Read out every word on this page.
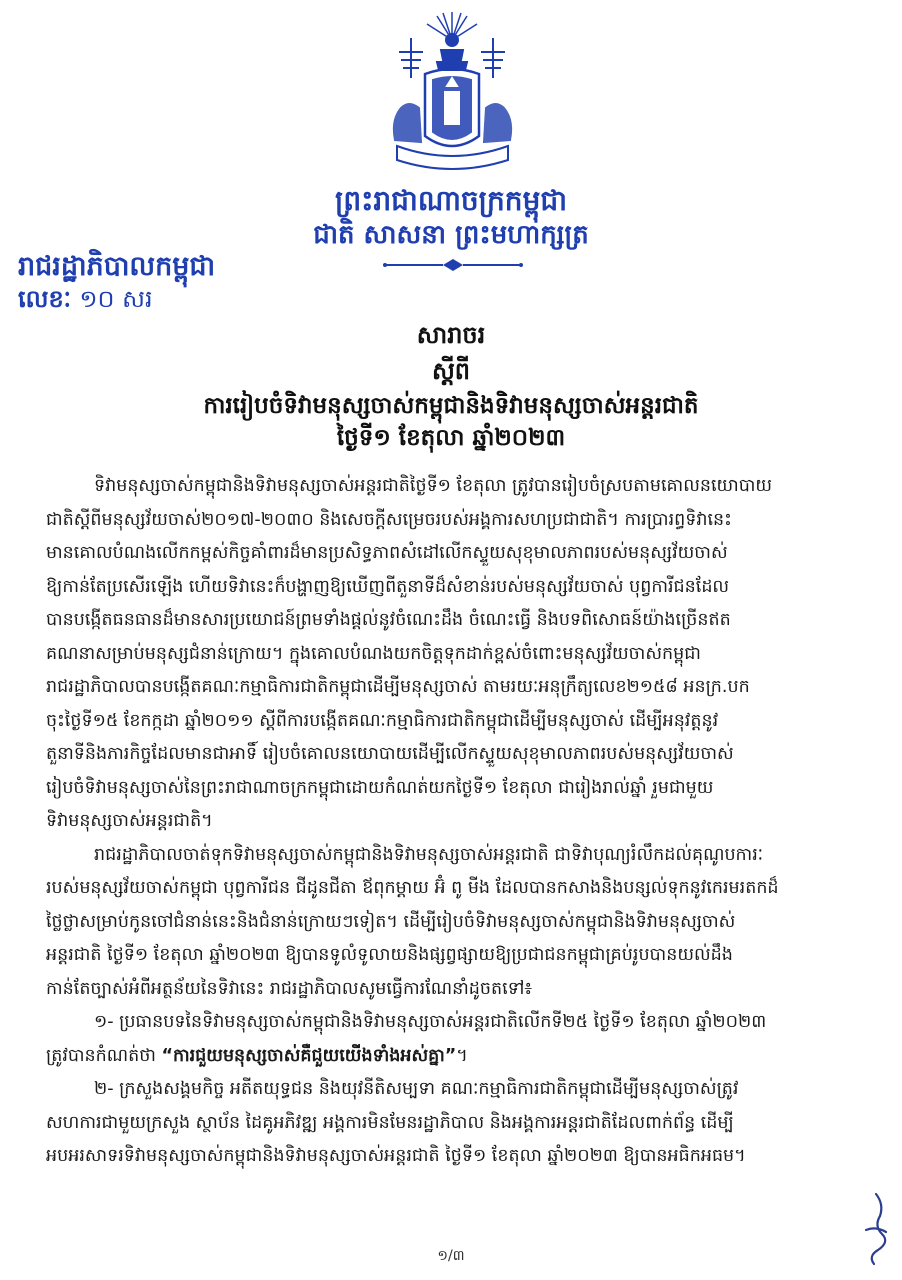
ព្រះរាជាណាចក្រកម្ពុជា
ជាតិ សាសនា ព្រះមហាក្សត្រ
រាជរដ្ឋាភិបាលកម្ពុជា
លេខៈ ១០ សរ
សារាចរ
ស្តីពី
ការរៀបចំទិវាមនុស្សចាស់កម្ពុជានិងទិវាមនុស្សចាស់អន្តរជាតិ
ថ្ងៃទី១ ខែតុលា ឆ្នាំ២០២៣
ទិវាមនុស្សចាស់កម្ពុជានិងទិវាមនុស្សចាស់អន្តរជាតិថ្ងៃទី១ ខែតុលា ត្រូវបានរៀបចំស្របតាមគោលនយោបាយ
ជាតិស្តីពីមនុស្សវ័យចាស់២០១៧-២០៣០ និងសេចក្តីសម្រេចរបស់អង្គការសហប្រជាជាតិ។ ការប្រារព្ធទិវានេះ
មានគោលបំណងលើកកម្ពស់កិច្ចគាំពារដ៏មានប្រសិទ្ធភាពសំដៅលើកស្ទួយសុខុមាលភាពរបស់មនុស្សវ័យចាស់
ឱ្យកាន់តែប្រសើរឡើង ហើយទិវានេះក៏បង្ហាញឱ្យឃើញពីតួនាទីដ៏សំខាន់របស់មនុស្សវ័យចាស់ បុព្វការីជនដែល
បានបង្កើតធនធានដ៏មានសារប្រយោជន៍ព្រមទាំងផ្តល់នូវចំណេះដឹង ចំណេះធ្វើ និងបទពិសោធន៍យ៉ាងច្រើនឥត
គណនាសម្រាប់មនុស្សជំនាន់ក្រោយ។ ក្នុងគោលបំណងយកចិត្តទុកដាក់ខ្ពស់ចំពោះមនុស្សវ័យចាស់កម្ពុជា
រាជរដ្ឋាភិបាលបានបង្កើតគណៈកម្មាធិការជាតិកម្ពុជាដើម្បីមនុស្សចាស់ តាមរយៈអនុក្រឹត្យលេខ២១៥៨ អនក្រ.បក
ចុះថ្ងៃទី១៥ ខែកក្កដា ឆ្នាំ២០១១ ស្តីពីការបង្កើតគណៈកម្មាធិការជាតិកម្ពុជាដើម្បីមនុស្សចាស់ ដើម្បីអនុវត្តនូវ
តួនាទីនិងភារកិច្ចដែលមានជាអាទិ៍ រៀបចំគោលនយោបាយដើម្បីលើកស្ទួយសុខុមាលភាពរបស់មនុស្សវ័យចាស់
រៀបចំទិវាមនុស្សចាស់នៃព្រះរាជាណាចក្រកម្ពុជាដោយកំណត់យកថ្ងៃទី១ ខែតុលា ជារៀងរាល់ឆ្នាំ រួមជាមួយ
ទិវាមនុស្សចាស់អន្តរជាតិ។
រាជរដ្ឋាភិបាលចាត់ទុកទិវាមនុស្សចាស់កម្ពុជានិងទិវាមនុស្សចាស់អន្តរជាតិ ជាទិវាបុណ្យរំលឹកដល់គុណូបការៈ
របស់មនុស្សវ័យចាស់កម្ពុជា បុព្វការីជន ជីដូនជីតា ឪពុកម្តាយ អ៊ំ ពូ មីង ដែលបានកសាងនិងបន្សល់ទុកនូវកេរមរតកដ៏
ថ្លៃថ្លាសម្រាប់កូនចៅជំនាន់នេះនិងជំនាន់ក្រោយៗទៀត។ ដើម្បីរៀបចំទិវាមនុស្សចាស់កម្ពុជានិងទិវាមនុស្សចាស់
អន្តរជាតិ ថ្ងៃទី១ ខែតុលា ឆ្នាំ២០២៣ ឱ្យបានទូលំទូលាយនិងផ្សព្វផ្សាយឱ្យប្រជាជនកម្ពុជាគ្រប់រូបបានយល់ដឹង
កាន់តែច្បាស់អំពីអត្ថន័យនៃទិវានេះ រាជរដ្ឋាភិបាលសូមធ្វើការណែនាំដូចតទៅ៖
១- ប្រធានបទនៃទិវាមនុស្សចាស់កម្ពុជានិងទិវាមនុស្សចាស់អន្តរជាតិលើកទី២៥ ថ្ងៃទី១ ខែតុលា ឆ្នាំ២០២៣
ត្រូវបានកំណត់ថា “ការជួយមនុស្សចាស់គឺជួយយើងទាំងអស់គ្នា”។
២- ក្រសួងសង្គមកិច្ច អតីតយុទ្ធជន និងយុវនីតិសម្បទា គណៈកម្មាធិការជាតិកម្ពុជាដើម្បីមនុស្សចាស់ត្រូវ
សហការជាមួយក្រសួង ស្ថាប័ន ដៃគូអភិវឌ្ឍ អង្គការមិនមែនរដ្ឋាភិបាល និងអង្គការអន្តរជាតិដែលពាក់ព័ន្ធ ដើម្បី
អបអរសាទរទិវាមនុស្សចាស់កម្ពុជានិងទិវាមនុស្សចាស់អន្តរជាតិ ថ្ងៃទី១ ខែតុលា ឆ្នាំ២០២៣ ឱ្យបានអធិកអធម។
១/៣
